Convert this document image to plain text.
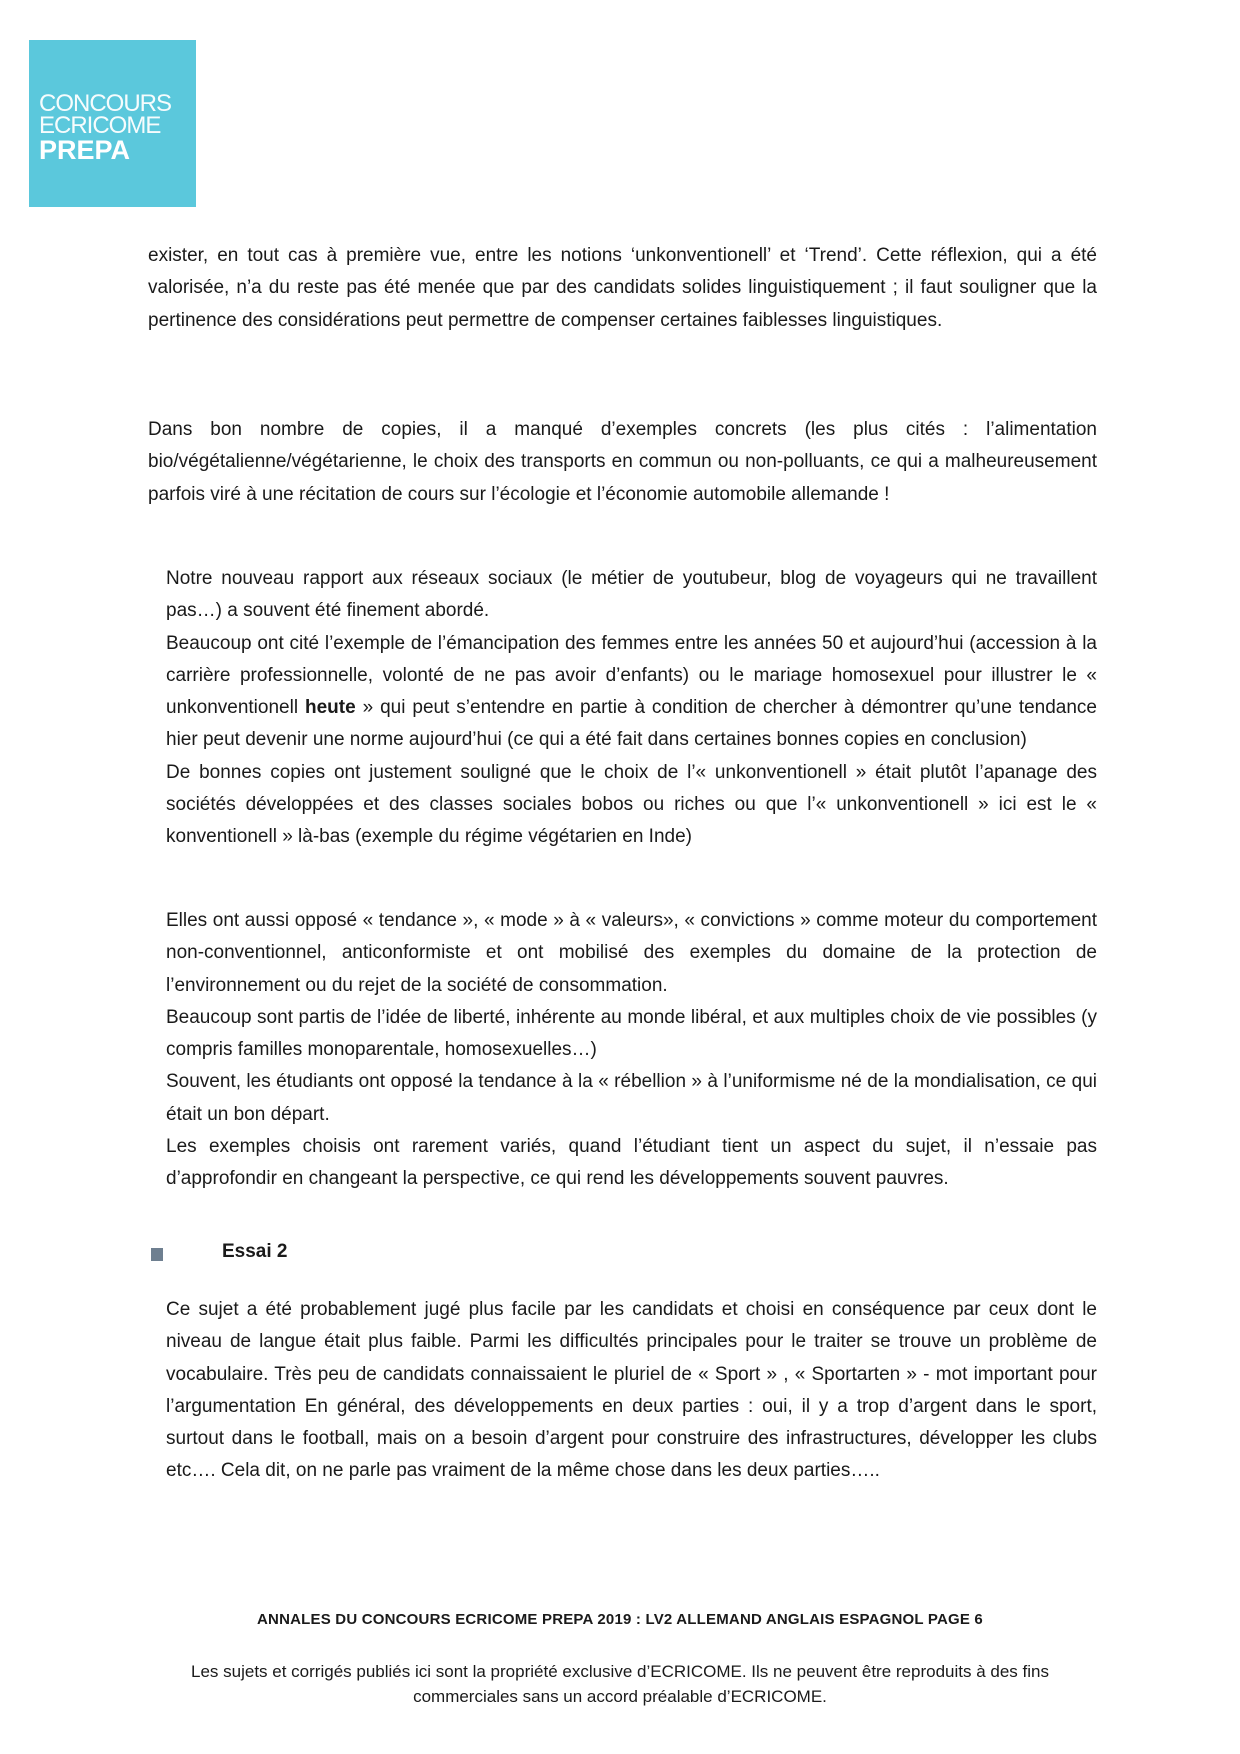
CONCOURS
ECRICOME
PREPA

exister, en tout cas à première vue, entre les notions ‘unkonventionell’ et ‘Trend’. Cette réflexion, qui a été valorisée, n’a du reste pas été menée que par des candidats solides linguistiquement ; il faut souligner que la pertinence des considérations peut permettre de compenser certaines faiblesses linguistiques.

Dans bon nombre de copies, il a manqué d’exemples concrets (les plus cités : l’alimentation bio/végétalienne/végétarienne, le choix des transports en commun ou non-polluants, ce qui a malheureusement parfois viré à une récitation de cours sur l’écologie et l’économie automobile allemande !

Notre nouveau rapport aux réseaux sociaux (le métier de youtubeur, blog de voyageurs qui ne travaillent pas…) a souvent été finement abordé.
Beaucoup ont cité l’exemple de l’émancipation des femmes entre les années 50 et aujourd’hui (accession à la carrière professionnelle, volonté de ne pas avoir d’enfants) ou le mariage homosexuel pour illustrer le « unkonventionell heute » qui peut s’entendre en partie à condition de chercher à démontrer qu’une tendance hier peut devenir une norme aujourd’hui (ce qui a été fait dans certaines bonnes copies en conclusion)
De bonnes copies ont justement souligné que le choix de l’« unkonventionell » était plutôt l’apanage des sociétés développées et des classes sociales bobos ou riches ou que l’« unkonventionell » ici est le « konventionell » là-bas (exemple du régime végétarien en Inde)
Elles ont aussi opposé « tendance », « mode » à « valeurs», « convictions » comme moteur du comportement non-conventionnel, anticonformiste et ont mobilisé des exemples du domaine de la protection de l’environnement ou du rejet de la société de consommation.
Beaucoup sont partis de l’idée de liberté, inhérente au monde libéral, et aux multiples choix de vie possibles (y compris familles monoparentale, homosexuelles…)
Souvent, les étudiants ont opposé la tendance à la « rébellion » à l’uniformisme né de la mondialisation, ce qui était un bon départ.
Les exemples choisis ont rarement variés, quand l’étudiant tient un aspect du sujet, il n’essaie pas d’approfondir en changeant la perspective, ce qui rend les développements souvent pauvres.
Essai 2

Ce sujet a été probablement jugé plus facile par les candidats et choisi en conséquence par ceux dont le niveau de langue était plus faible. Parmi les difficultés principales pour le traiter se trouve un problème de vocabulaire. Très peu de candidats connaissaient le pluriel de « Sport » , « Sportarten » - mot important pour l’argumentation En général, des développements en deux parties : oui, il y a trop d’argent dans le sport, surtout dans le football, mais on a besoin d’argent pour construire des infrastructures, développer les clubs etc…. Cela dit, on ne parle pas vraiment de la même chose dans les deux parties…..

ANNALES DU CONCOURS ECRICOME PREPA 2019 : LV2 ALLEMAND ANGLAIS ESPAGNOL PAGE 6
Les sujets et corrigés publiés ici sont la propriété exclusive d’ECRICOME. Ils ne peuvent être reproduits à des fins commerciales sans un accord préalable d’ECRICOME.
